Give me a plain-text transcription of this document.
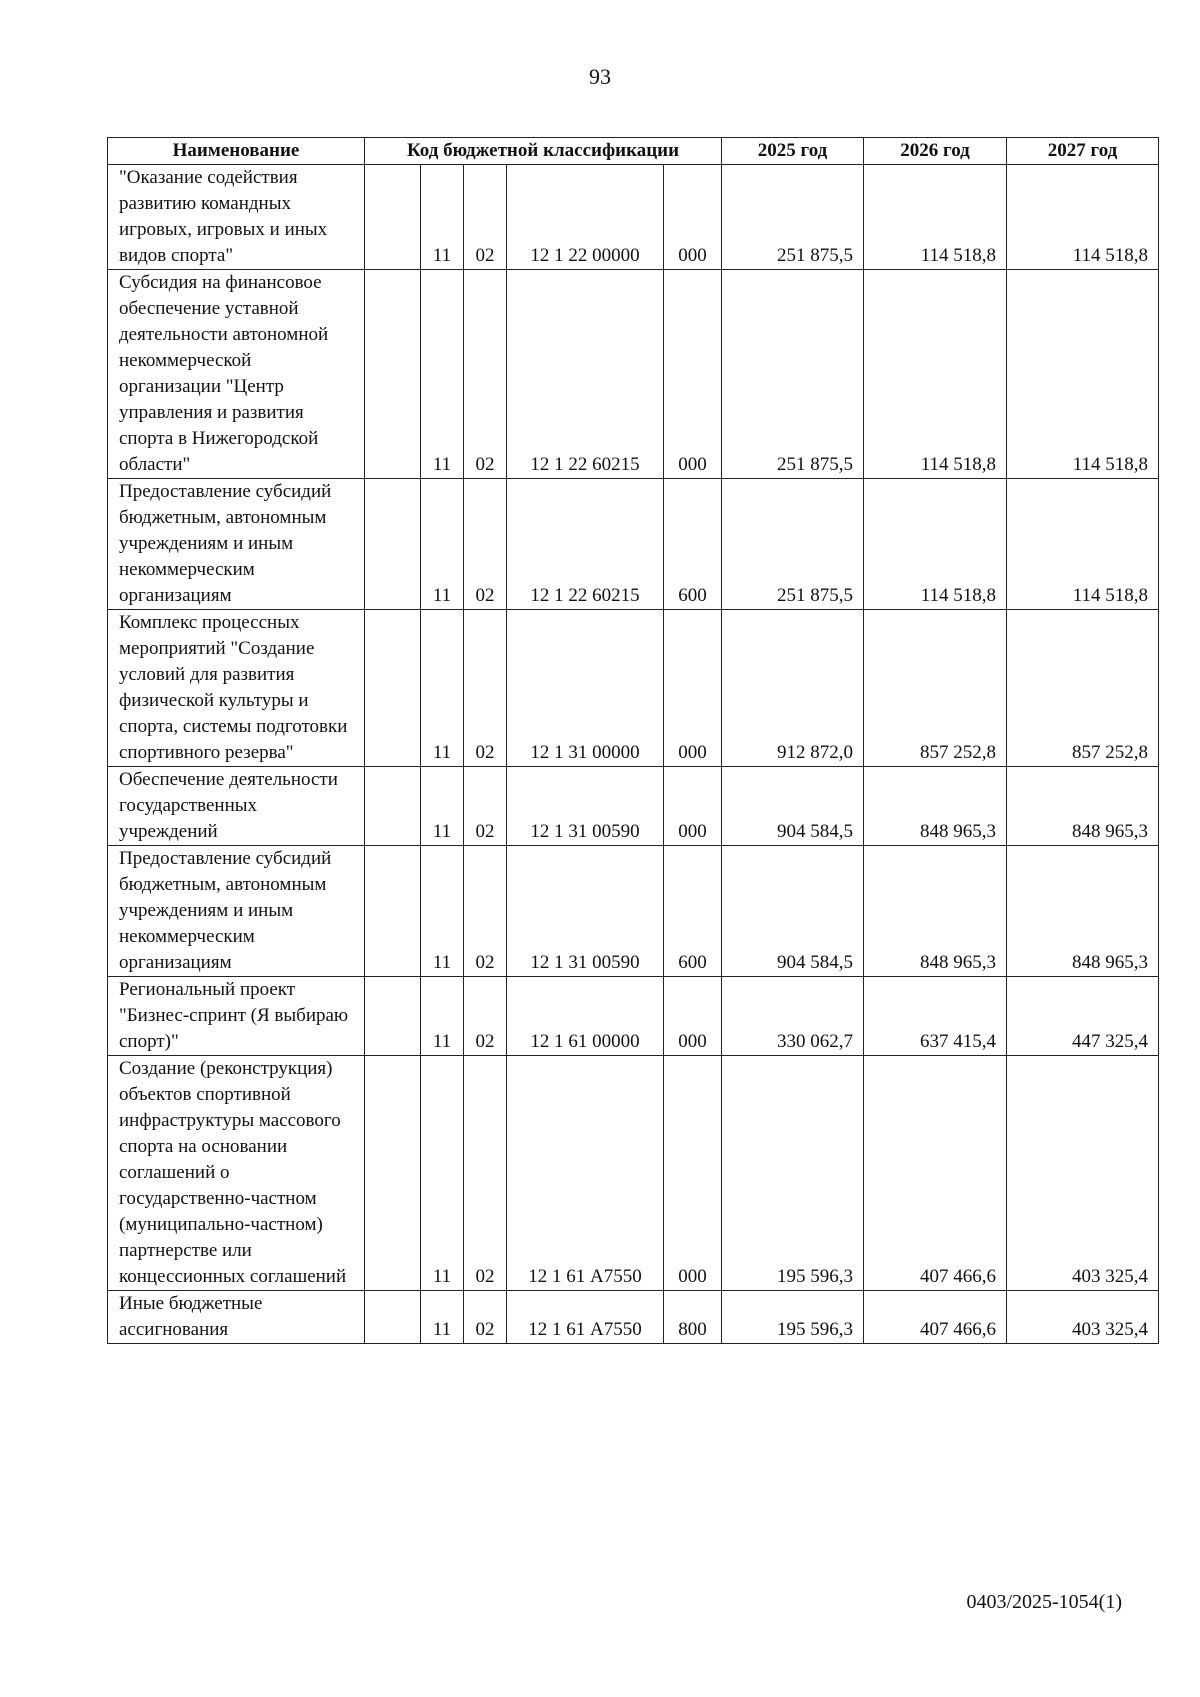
93
Наименование	Код бюджетной классификации					2025 год	2026 год	2027 год
"Оказание содействия развитию командных игровых, игровых и иных видов спорта"		11	02	12 1 22 00000	000	251 875,5	114 518,8	114 518,8
Субсидия на финансовое обеспечение уставной деятельности автономной некоммерческой организации "Центр управления и развития спорта в Нижегородской области"		11	02	12 1 22 60215	000	251 875,5	114 518,8	114 518,8
Предоставление субсидий бюджетным, автономным учреждениям и иным некоммерческим организациям		11	02	12 1 22 60215	600	251 875,5	114 518,8	114 518,8
Комплекс процессных мероприятий "Создание условий для развития физической культуры и спорта, системы подготовки спортивного резерва"		11	02	12 1 31 00000	000	912 872,0	857 252,8	857 252,8
Обеспечение деятельности государственных учреждений		11	02	12 1 31 00590	000	904 584,5	848 965,3	848 965,3
Предоставление субсидий бюджетным, автономным учреждениям и иным некоммерческим организациям		11	02	12 1 31 00590	600	904 584,5	848 965,3	848 965,3
Региональный проект "Бизнес-спринт (Я выбираю спорт)"		11	02	12 1 61 00000	000	330 062,7	637 415,4	447 325,4
Создание (реконструкция) объектов спортивной инфраструктуры массового спорта на основании соглашений о государственно-частном (муниципально-частном) партнерстве или концессионных соглашений		11	02	12 1 61 А7550	000	195 596,3	407 466,6	403 325,4
Иные бюджетные ассигнования		11	02	12 1 61 А7550	800	195 596,3	407 466,6	403 325,4
0403/2025-1054(1)
